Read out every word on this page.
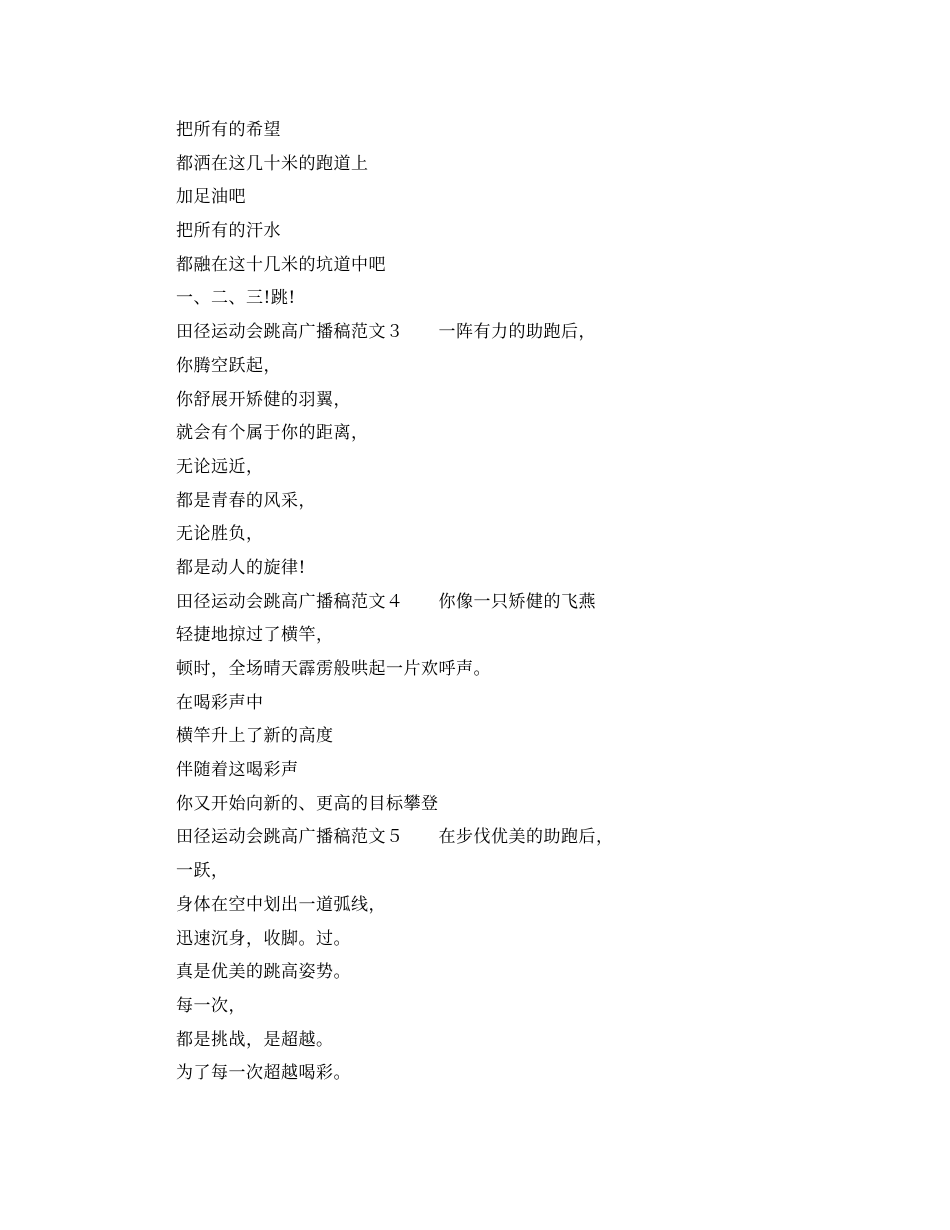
把所有的希望
都洒在这几十米的跑道上
加足油吧
把所有的汗水
都融在这十几米的坑道中吧
一、二、三!跳!
田径运动会跳高广播稿范文３　　一阵有力的助跑后，
你腾空跃起，
你舒展开矫健的羽翼，
就会有个属于你的距离，
无论远近，
都是青春的风采，
无论胜负，
都是动人的旋律!
田径运动会跳高广播稿范文４　　你像一只矫健的飞燕
轻捷地掠过了横竿，
顿时，全场晴天霹雳般哄起一片欢呼声。
在喝彩声中
横竿升上了新的高度
伴随着这喝彩声
你又开始向新的、更高的目标攀登
田径运动会跳高广播稿范文５　　在步伐优美的助跑后，
一跃，
身体在空中划出一道弧线，
迅速沉身，收脚。过。
真是优美的跳高姿势。
每一次，
都是挑战，是超越。
为了每一次超越喝彩。
